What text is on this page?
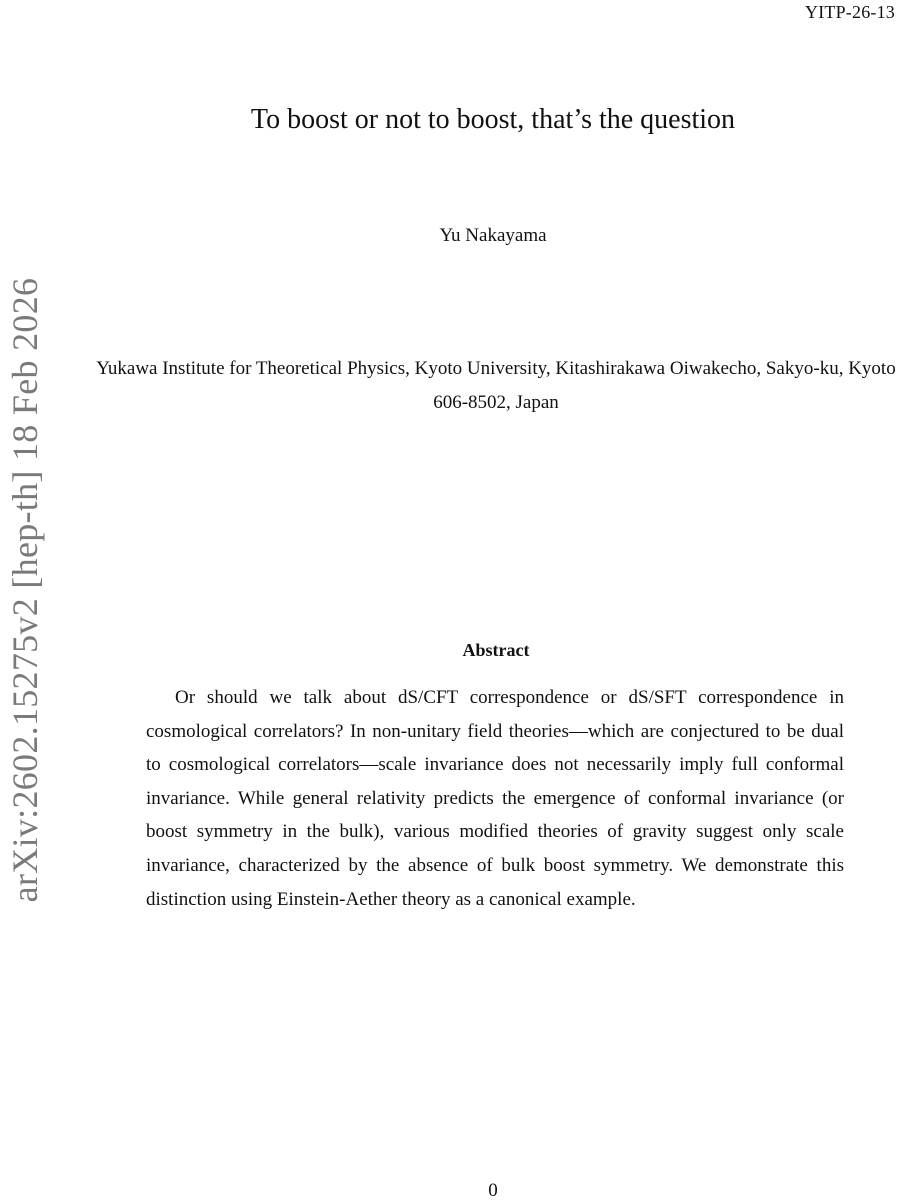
YITP-26-13
To boost or not to boost, that’s the question
Yu Nakayama
Yukawa Institute for Theoretical Physics, Kyoto University, Kitashirakawa Oiwakecho, Sakyo-ku, Kyoto 606-8502, Japan
arXiv:2602.15275v2 [hep-th] 18 Feb 2026	Abstract

Or should we talk about dS/CFT correspondence or dS/SFT correspondence in cosmological correlators? In non-unitary field theories—which are conjectured to be dual to cosmological correlators—scale invariance does not necessarily imply full conformal invariance. While general relativity predicts the emergence of conformal invariance (or boost symmetry in the bulk), various modified theories of gravity suggest only scale invariance, characterized by the absence of bulk boost symmetry. We demonstrate this distinction using Einstein-Aether theory as a canonical example.

0
